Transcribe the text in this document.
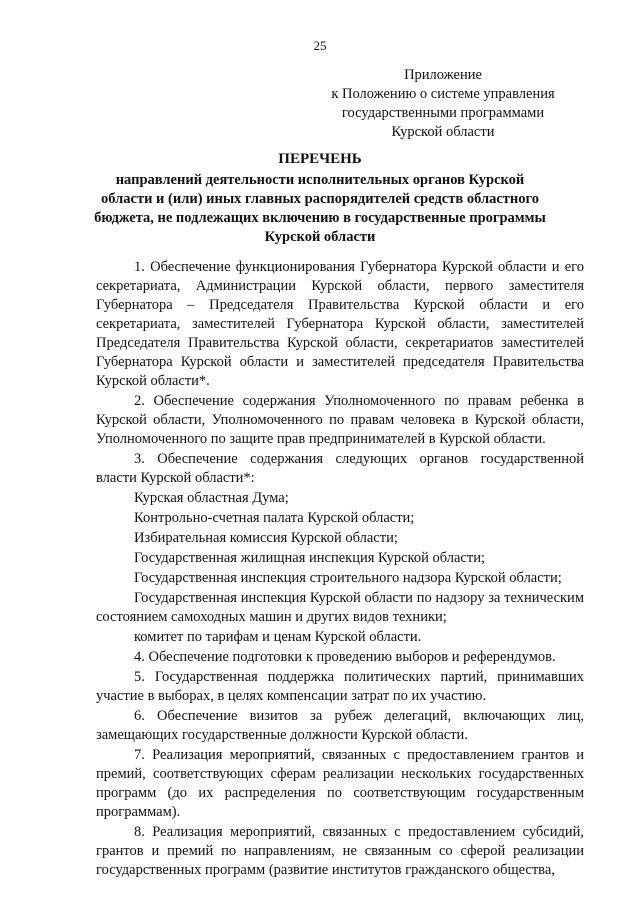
25
Приложение
к Положению о системе управления
государственными программами
Курской области
ПЕРЕЧЕНЬ
направлений деятельности исполнительных органов Курской
области и (или) иных главных распорядителей средств областного
бюджета, не подлежащих включению в государственные программы
Курской области

1. Обеспечение функционирования Губернатора Курской области и его секретариата, Администрации Курской области, первого заместителя Губернатора – Председателя Правительства Курской области и его секретариата, заместителей Губернатора Курской области, заместителей Председателя Правительства Курской области, секретариатов заместителей Губернатора Курской области и заместителей председателя Правительства Курской области*.

2. Обеспечение содержания Уполномоченного по правам ребенка в Курской области, Уполномоченного по правам человека в Курской области, Уполномоченного по защите прав предпринимателей в Курской области.

3. Обеспечение содержания следующих органов государственной власти Курской области*:

Курская областная Дума;

Контрольно-счетная палата Курской области;

Избирательная комиссия Курской области;

Государственная жилищная инспекция Курской области;

Государственная инспекция строительного надзора Курской области;

Государственная инспекция Курской области по надзору за техническим состоянием самоходных машин и других видов техники;

комитет по тарифам и ценам Курской области.

4. Обеспечение подготовки к проведению выборов и референдумов.

5. Государственная поддержка политических партий, принимавших участие в выборах, в целях компенсации затрат по их участию.

6. Обеспечение визитов за рубеж делегаций, включающих лиц, замещающих государственные должности Курской области.

7. Реализация мероприятий, связанных с предоставлением грантов и премий, соответствующих сферам реализации нескольких государственных программ (до их распределения по соответствующим государственным программам).

8. Реализация мероприятий, связанных с предоставлением субсидий, грантов и премий по направлениям, не связанным со сферой реализации государственных программ (развитие институтов гражданского общества,
